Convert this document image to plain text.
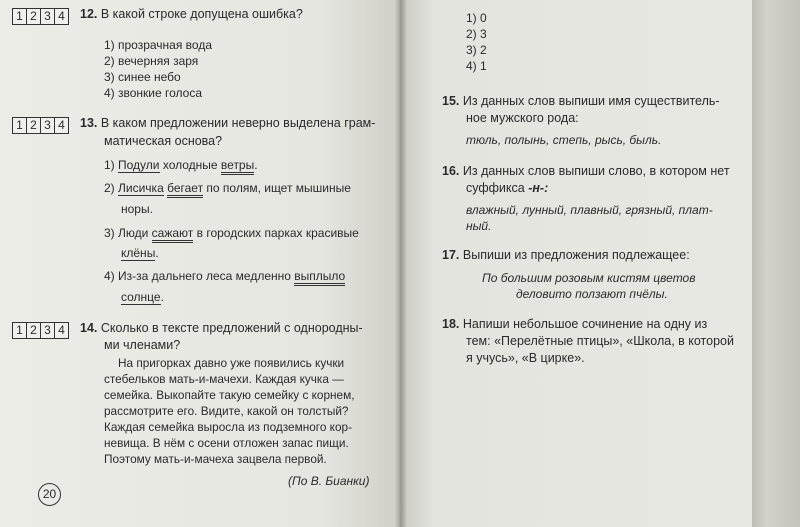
1 2 3 4	12. В какой строке допущена ошибка?
1) прозрачная вода
2) вечерняя заря
3) синее небо
4) звонкие голоса
1 2 3 4	13. В каком предложении неверно выделена грам-
матическая основа?
1) Подули холодные ветры.
2) Лисичка бегает по полям, ищет мышиные
норы.
3) Люди сажают в городских парках красивые
клёны.
4) Из-за дальнего леса медленно выплыло
солнце.
1 2 3 4	14. Сколько в тексте предложений с однородны-
ми членами?
На пригорках давно уже появились кучки
стебельков мать-и-мачехи. Каждая кучка —
семейка. Выкопайте такую семейку с корнем,
рассмотрите его. Видите, какой он толстый?
Каждая семейка выросла из подземного кор-
невища. В нём с осени отложен запас пищи.
Поэтому мать-и-мачеха зацвела первой.
(По В. Бианки)
20
1) 0
2) 3
3) 2
4) 1
15. Из данных слов выпиши имя существитель-
ное мужского рода:
тюль, полынь, степь, рысь, быль.
16. Из данных слов выпиши слово, в котором нет
суффикса -н-:
влажный, лунный, плавный, грязный, плат-
ный.
17. Выпиши из предложения подлежащее:
По большим розовым кистям цветов
деловито ползают пчёлы.
18. Напиши небольшое сочинение на одну из
тем: «Перелётные птицы», «Школа, в которой
я учусь», «В цирке».
